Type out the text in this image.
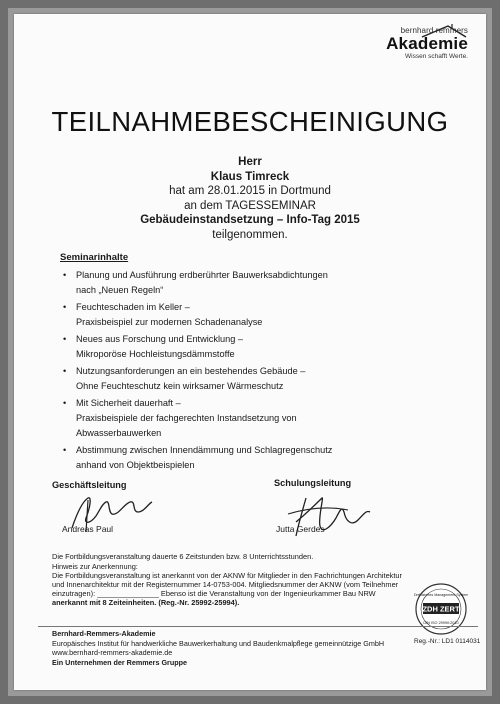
bernhard remmers
Akademie
Wissen schafft Werte.
TEILNAHMEBESCHEINIGUNG
Herr
Klaus Timreck
hat am 28.01.2015 in Dortmund
an dem TAGESSEMINAR
Gebäudeinstandsetzung – Info-Tag 2015
teilgenommen.
Seminarinhalte
• Planung und Ausführung erdberührter Bauwerksabdichtungen
nach „Neuen Regeln“
• Feuchteschaden im Keller –
Praxisbeispiel zur modernen Schadenanalyse
• Neues aus Forschung und Entwicklung –
Mikroporöse Hochleistungsdämmstoffe
• Nutzungsanforderungen an ein bestehendes Gebäude –
Ohne Feuchteschutz kein wirksamer Wärmeschutz
• Mit Sicherheit dauerhaft –
Praxisbeispiele der fachgerechten Instandsetzung von
Abwasserbauwerken
• Abstimmung zwischen Innendämmung und Schlagregenschutz
anhand von Objektbeispielen
Geschäftsleitung	Schulungsleitung
Andreas Paul	Jutta Gerdes
Die Fortbildungsveranstaltung dauerte 6 Zeitstunden bzw. 8 Unterrichtsstunden.
Hinweis zur Anerkennung:
Die Fortbildungsveranstaltung ist anerkannt von der AKNW für Mitglieder in den Fachrichtungen Architektur
und Innenarchitektur mit der Registernummer 14-0753-004. Mitgliedsnummer der AKNW (vom Teilnehmer
einzutragen): _______________ Ebenso ist die Veranstaltung von der Ingenieurkammer Bau NRW
anerkannt mit 8 Zeiteinheiten. (Reg.-Nr. 25992-25994).
Zertifiziertes Management-System
ZDH ZERT
DIN ISO 29990:2010
Bernhard-Remmers-Akademie
Europäisches Institut für handwerkliche Bauwerkerhaltung und Baudenkmalpflege gemeinnützige GmbH
www.bernhard-remmers-akademie.de
Ein Unternehmen der Remmers Gruppe
Reg.-Nr.: LD1 0114031
